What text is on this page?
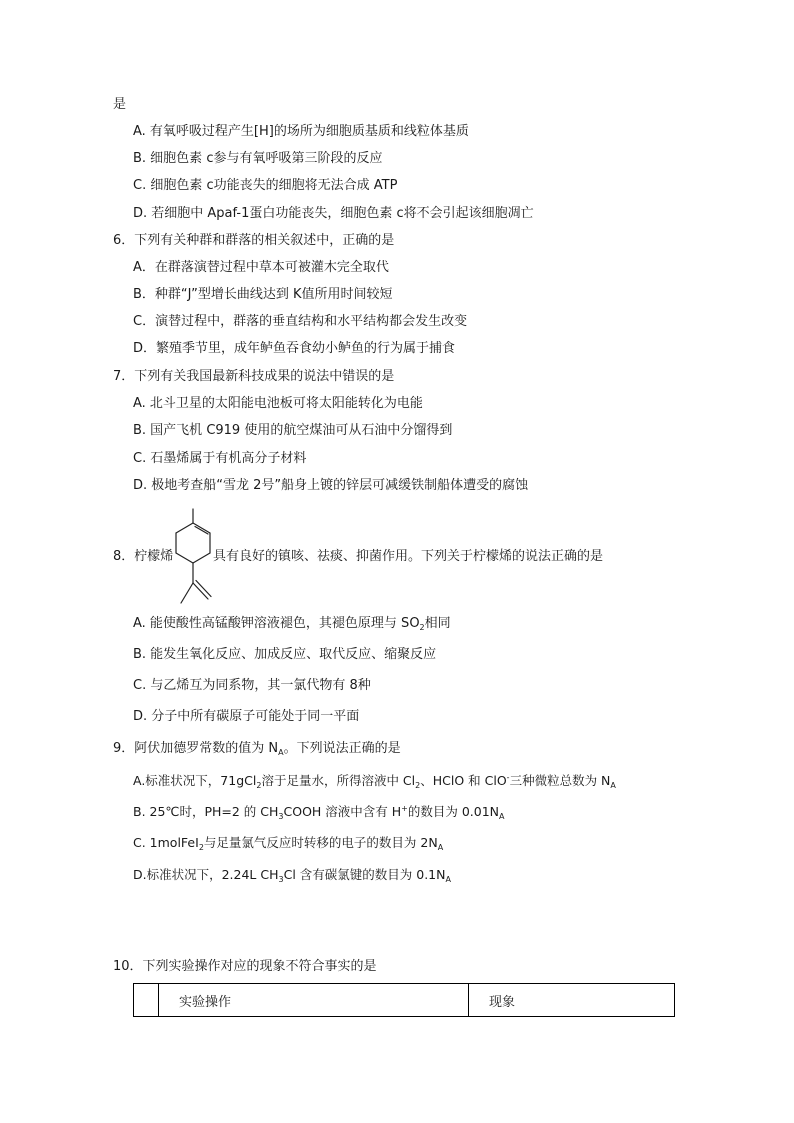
是
A. 有氧呼吸过程产生[H]的场所为细胞质基质和线粒体基质
B. 细胞色素 c参与有氧呼吸第三阶段的反应
C. 细胞色素 c功能丧失的细胞将无法合成 ATP
D. 若细胞中 Apaf-1蛋白功能丧失，细胞色素 c将不会引起该细胞凋亡
6．下列有关种群和群落的相关叙述中，正确的是
A．在群落演替过程中草本可被灌木完全取代
B．种群“J”型增长曲线达到 K值所用时间较短
C．演替过程中，群落的垂直结构和水平结构都会发生改变
D．繁殖季节里，成年鲈鱼吞食幼小鲈鱼的行为属于捕食
7．下列有关我国最新科技成果的说法中错误的是
A. 北斗卫星的太阳能电池板可将太阳能转化为电能
B. 国产飞机 C919 使用的航空煤油可从石油中分馏得到
C. 石墨烯属于有机高分子材料
D. 极地考查船“雪龙 2号”船身上镀的锌层可减缓铁制船体遭受的腐蚀
8．柠檬烯	具有良好的镇咳、祛痰、抑菌作用。下列关于柠檬烯的说法正确的是
A. 能使酸性高锰酸钾溶液褪色，其褪色原理与 $SO_2$相同
B. 能发生氧化反应、加成反应、取代反应、缩聚反应
C. 与乙烯互为同系物，其一氯代物有 8种
D. 分子中所有碳原子可能处于同一平面
9．阿伏加德罗常数的值为 $N_A$。下列说法正确的是
A.标准状况下，71gCl$_2$溶于足量水，所得溶液中 $Cl_2$、HClO 和 ClO-三种微粒总数为 $N_A$
B. 25℃时，PH=2 的 $CH_3COOH$ 溶液中含有 H+的数目为 $0.01N_A$
C. 1molFeI$_2$与足量氯气反应时转移的电子的数目为 $2N_A$
D.标准状况下，2.24L $CH_3Cl$ 含有碳氯键的数目为 $0.1N_A$
10．下列实验操作对应的现象不符合事实的是
	实验操作	现象
